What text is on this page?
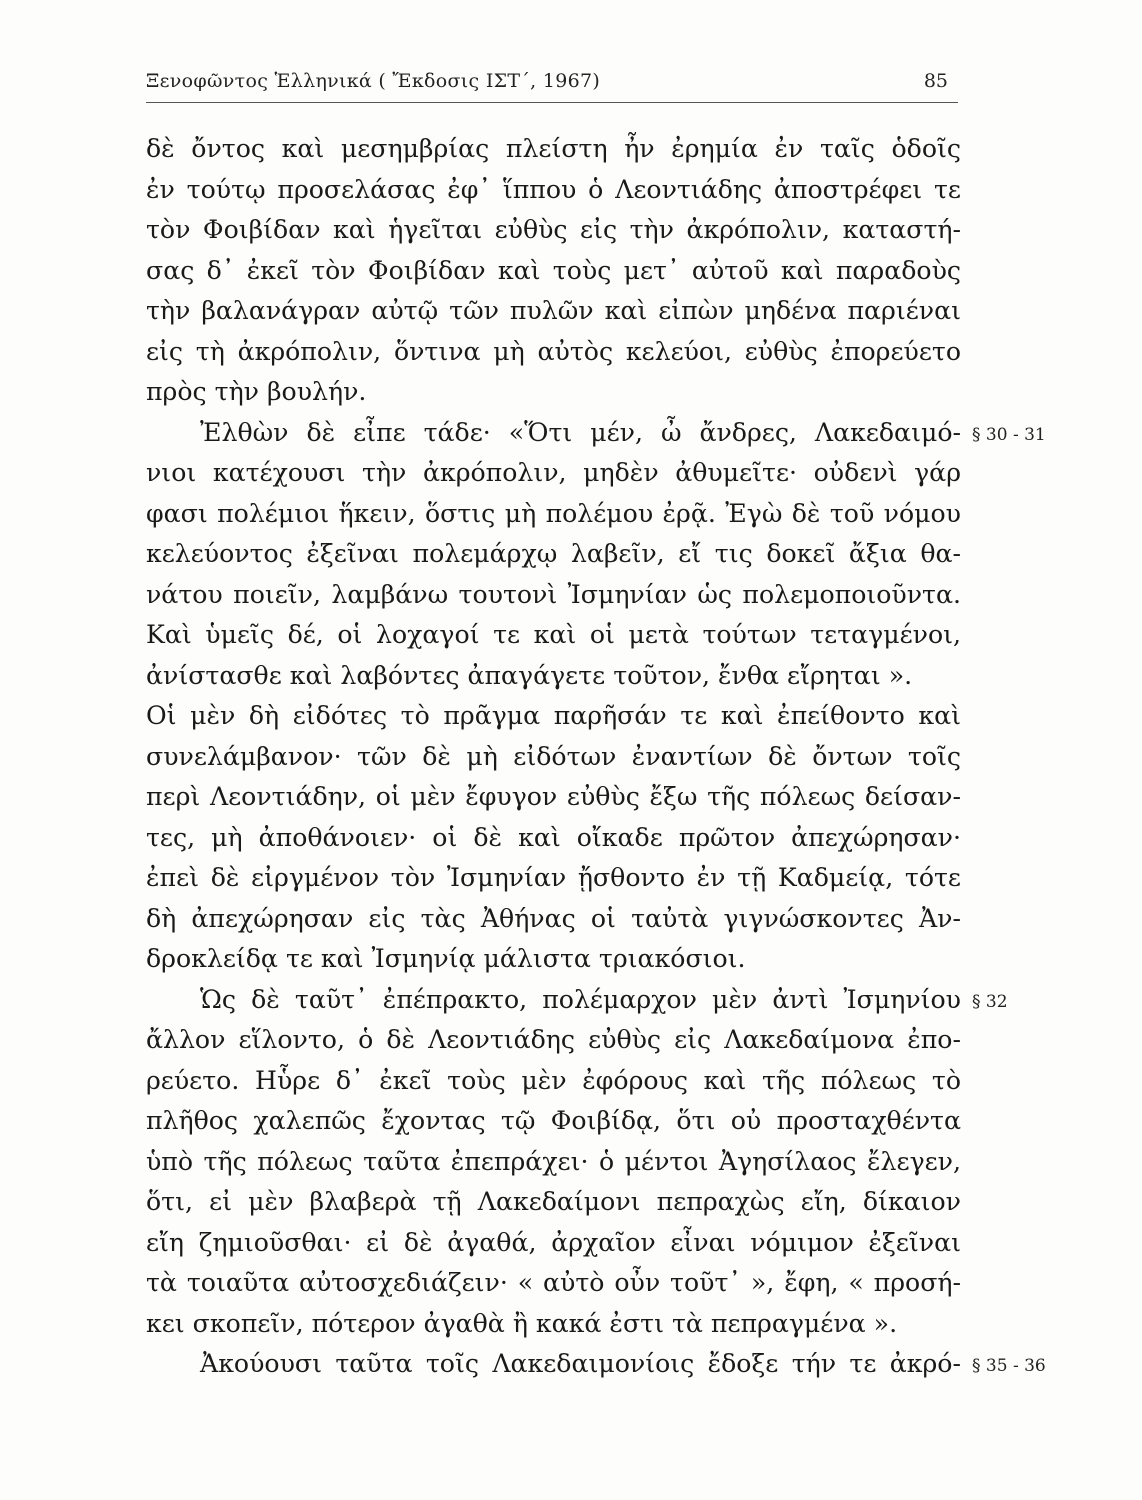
Ξενοφῶντος Ἑλληνικά ( Ἔκδοσις ΙΣΤ΄, 1967)	85
δὲ ὄντος καὶ μεσημβρίας πλείστη ἦν ἐρημία ἐν ταῖς ὁδοῖς
ἐν τούτῳ προσελάσας ἐφ᾽ ἵππου ὁ Λεοντιάδης ἀποστρέφει τε
τὸν Φοιβίδαν καὶ ἡγεῖται εὐθὺς εἰς τὴν ἀκρόπολιν, καταστή-
σας δ᾽ ἐκεῖ τὸν Φοιβίδαν καὶ τοὺς μετ᾽ αὐτοῦ καὶ παραδοὺς
τὴν βαλανάγραν αὐτῷ τῶν πυλῶν καὶ εἰπὼν μηδένα παριέναι
εἰς τὴ ἀκρόπολιν, ὅντινα μὴ αὐτὸς κελεύοι, εὐθὺς ἐπορεύετο
πρὸς τὴν βουλήν.
Ἐλθὼν δὲ εἶπε τάδε· «Ὅτι μέν, ὦ ἄνδρες, Λακεδαιμό-
νιοι κατέχουσι τὴν ἀκρόπολιν, μηδὲν ἀθυμεῖτε· οὐδενὶ γάρ
φασι πολέμιοι ἥκειν, ὅστις μὴ πολέμου ἐρᾷ. Ἐγὼ δὲ τοῦ νόμου
κελεύοντος ἐξεῖναι πολεμάρχῳ λαβεῖν, εἴ τις δοκεῖ ἄξια θα-
νάτου ποιεῖν, λαμβάνω τουτονὶ Ἰσμηνίαν ὡς πολεμοποιοῦντα.
Καὶ ὑμεῖς δέ, οἱ λοχαγοί τε καὶ οἱ μετὰ τούτων τεταγμένοι,
ἀνίστασθε καὶ λαβόντες ἀπαγάγετε τοῦτον, ἔνθα εἴρηται ».
Οἱ μὲν δὴ εἰδότες τὸ πρᾶγμα παρῆσάν τε καὶ ἐπείθοντο καὶ
συνελάμβανον· τῶν δὲ μὴ εἰδότων ἐναντίων δὲ ὄντων τοῖς
περὶ Λεοντιάδην, οἱ μὲν ἔφυγον εὐθὺς ἔξω τῆς πόλεως δείσαν-
τες, μὴ ἀποθάνοιεν· οἱ δὲ καὶ οἴκαδε πρῶτον ἀπεχώρησαν·
ἐπεὶ δὲ εἰργμένον τὸν Ἰσμηνίαν ᾔσθοντο ἐν τῇ Καδμείᾳ, τότε
δὴ ἀπεχώρησαν εἰς τὰς Ἀθήνας οἱ ταὐτὰ γιγνώσκοντες Ἀν-
δροκλείδᾳ τε καὶ Ἰσμηνίᾳ μάλιστα τριακόσιοι.
Ὡς δὲ ταῦτ᾽ ἐπέπρακτο, πολέμαρχον μὲν ἀντὶ Ἰσμηνίου
ἄλλον εἵλοντο, ὁ δὲ Λεοντιάδης εὐθὺς εἰς Λακεδαίμονα ἐπο-
ρεύετο. Ηὗρε δ᾽ ἐκεῖ τοὺς μὲν ἐφόρους καὶ τῆς πόλεως τὸ
πλῆθος χαλεπῶς ἔχοντας τῷ Φοιβίδᾳ, ὅτι οὐ προσταχθέντα
ὑπὸ τῆς πόλεως ταῦτα ἐπεπράχει· ὁ μέντοι Ἀγησίλαος ἔλεγεν,
ὅτι, εἰ μὲν βλαβερὰ τῇ Λακεδαίμονι πεπραχὼς εἴη, δίκαιον
εἴη ζημιοῦσθαι· εἰ δὲ ἀγαθά, ἀρχαῖον εἶναι νόμιμον ἐξεῖναι
τὰ τοιαῦτα αὐτοσχεδιάζειν· « αὐτὸ οὖν τοῦτ᾽ », ἔφη, « προσή-
κει σκοπεῖν, πότερον ἀγαθὰ ἢ κακά ἐστι τὰ πεπραγμένα ».
Ἀκούουσι ταῦτα τοῖς Λακεδαιμονίοις ἔδοξε τήν τε ἀκρό-
§ 30 - 31
§ 32
§ 35 - 36
